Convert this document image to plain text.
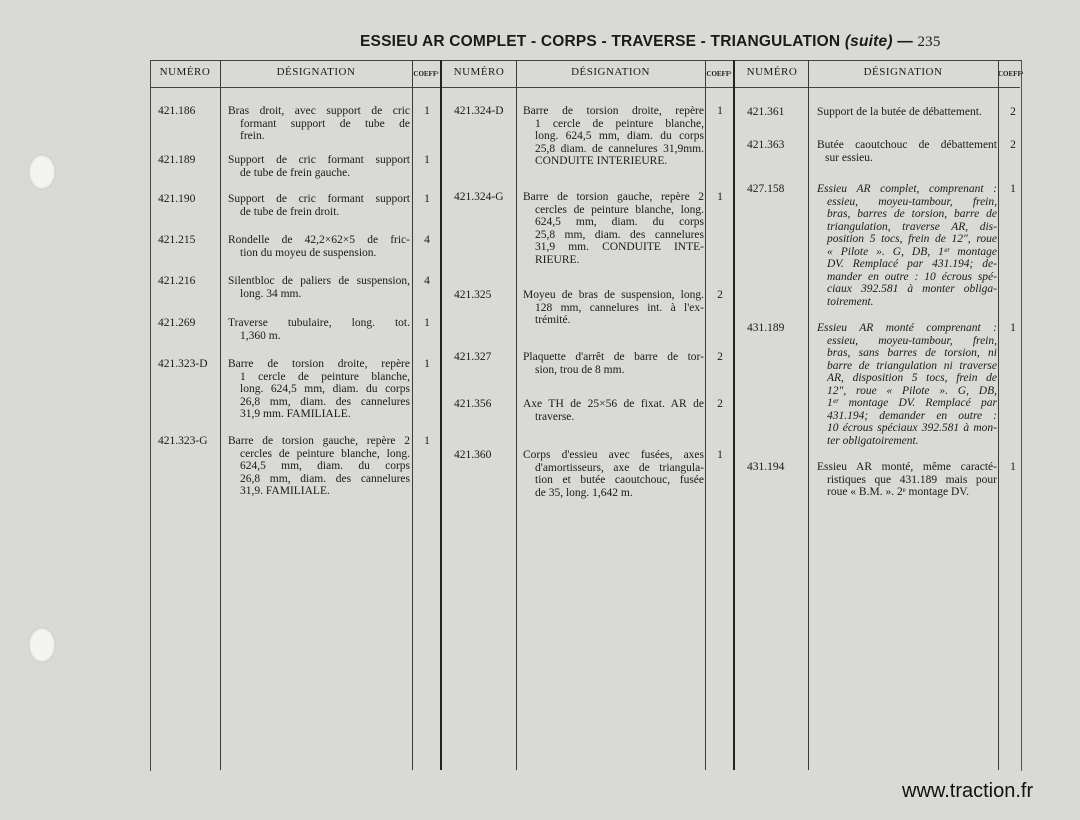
ESSIEU AR COMPLET - CORPS - TRAVERSE - TRIANGULATION (suite) — 235
NUMÉRO	DÉSIGNATION	COEFFᵗ	NUMÉRO	DÉSIGNATION	COEFFᵗ	NUMÉRO	DÉSIGNATION	COEFFᵗ
421.186	Bras droit, avec support de cric
formant support de tube de
frein.
1
421.189	Support de cric formant support
de tube de frein gauche.
1
421.190	Support de cric formant support
de tube de frein droit.
1
421.215	Rondelle de 42,2×62×5 de fric-
tion du moyeu de suspension.
4
421.216	Silentbloc de paliers de suspension,
long. 34 mm.
4
421.269	Traverse tubulaire, long. tot.
1,360 m.
1
421.323-D Barre de torsion droite, repère
1 cercle de peinture blanche,
long. 624,5 mm, diam. du corps
26,8 mm, diam. des cannelures
31,9 mm. FAMILIALE.
1
421.323-G Barre de torsion gauche, repère 2
cercles de peinture blanche, long.
624,5 mm, diam. du corps
26,8 mm, diam. des cannelures
31,9. FAMILIALE.
1
421.324-D Barre de torsion droite, repère
1 cercle de peinture blanche,
long. 624,5 mm, diam. du corps
25,8 diam. de cannelures 31,9mm.
CONDUITE INTERIEURE.
1
421.324-G Barre de torsion gauche, repère 2
cercles de peinture blanche, long.
624,5 mm, diam. du corps
25,8 mm, diam. des cannelures
31,9 mm. CONDUITE INTE-
RIEURE.
1
421.325	Moyeu de bras de suspension, long.
128 mm, cannelures int. à l'ex-
trémité.
2
421.327	Plaquette d'arrêt de barre de tor-
sion, trou de 8 mm.
2
421.356	Axe TH de 25×56 de fixat. AR de
traverse.
2
421.360	Corps d'essieu avec fusées, axes
d'amortisseurs, axe de triangula-
tion et butée caoutchouc, fusée
de 35, long. 1,642 m.
1
421.361	Support de la butée de débattement.	2
421.363	Butée caoutchouc de débattement
sur essieu.
2
427.158	Essieu AR complet, comprenant :
essieu, moyeu-tambour, frein,
bras, barres de torsion, barre de
triangulation, traverse AR, dis-
position 5 tocs, frein de 12", roue
« Pilote ». G, DB, 1ᵉʳ montage
DV. Remplacé par 431.194; de-
mander en outre : 10 écrous spé-
ciaux 392.581 à monter obliga-
toirement.
1
431.189	Essieu AR monté comprenant :
essieu, moyeu-tambour, frein,
bras, sans barres de torsion, ni
barre de triangulation ni traverse
AR, disposition 5 tocs, frein de
12", roue « Pilote ». G, DB,
1ᵉʳ montage DV. Remplacé par
431.194; demander en outre :
10 écrous spéciaux 392.581 à mon-
ter obligatoirement.
1
431.194	Essieu AR monté, même caracté-
ristiques que 431.189 mais pour
roue « B.M. ». 2ᵉ montage DV.
1
www.traction.fr
